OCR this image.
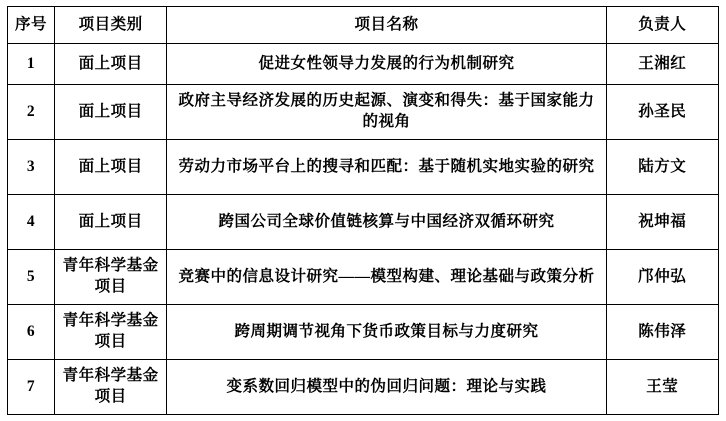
序号	项目类别	项目名称	负责人
1	面上项目	促进女性领导力发展的行为机制研究	王湘红
2	面上项目	政府主导经济发展的历史起源、演变和得失：基于国家能力的视角	孙圣民
3	面上项目	劳动力市场平台上的搜寻和匹配：基于随机实地实验的研究	陆方文
4	面上项目	跨国公司全球价值链核算与中国经济双循环研究	祝坤福
5	青年科学基金项目	竞赛中的信息设计研究——模型构建、理论基础与政策分析	邝仲弘
6	青年科学基金项目	跨周期调节视角下货币政策目标与力度研究	陈伟泽
7	青年科学基金项目	变系数回归模型中的伪回归问题：理论与实践	王莹
